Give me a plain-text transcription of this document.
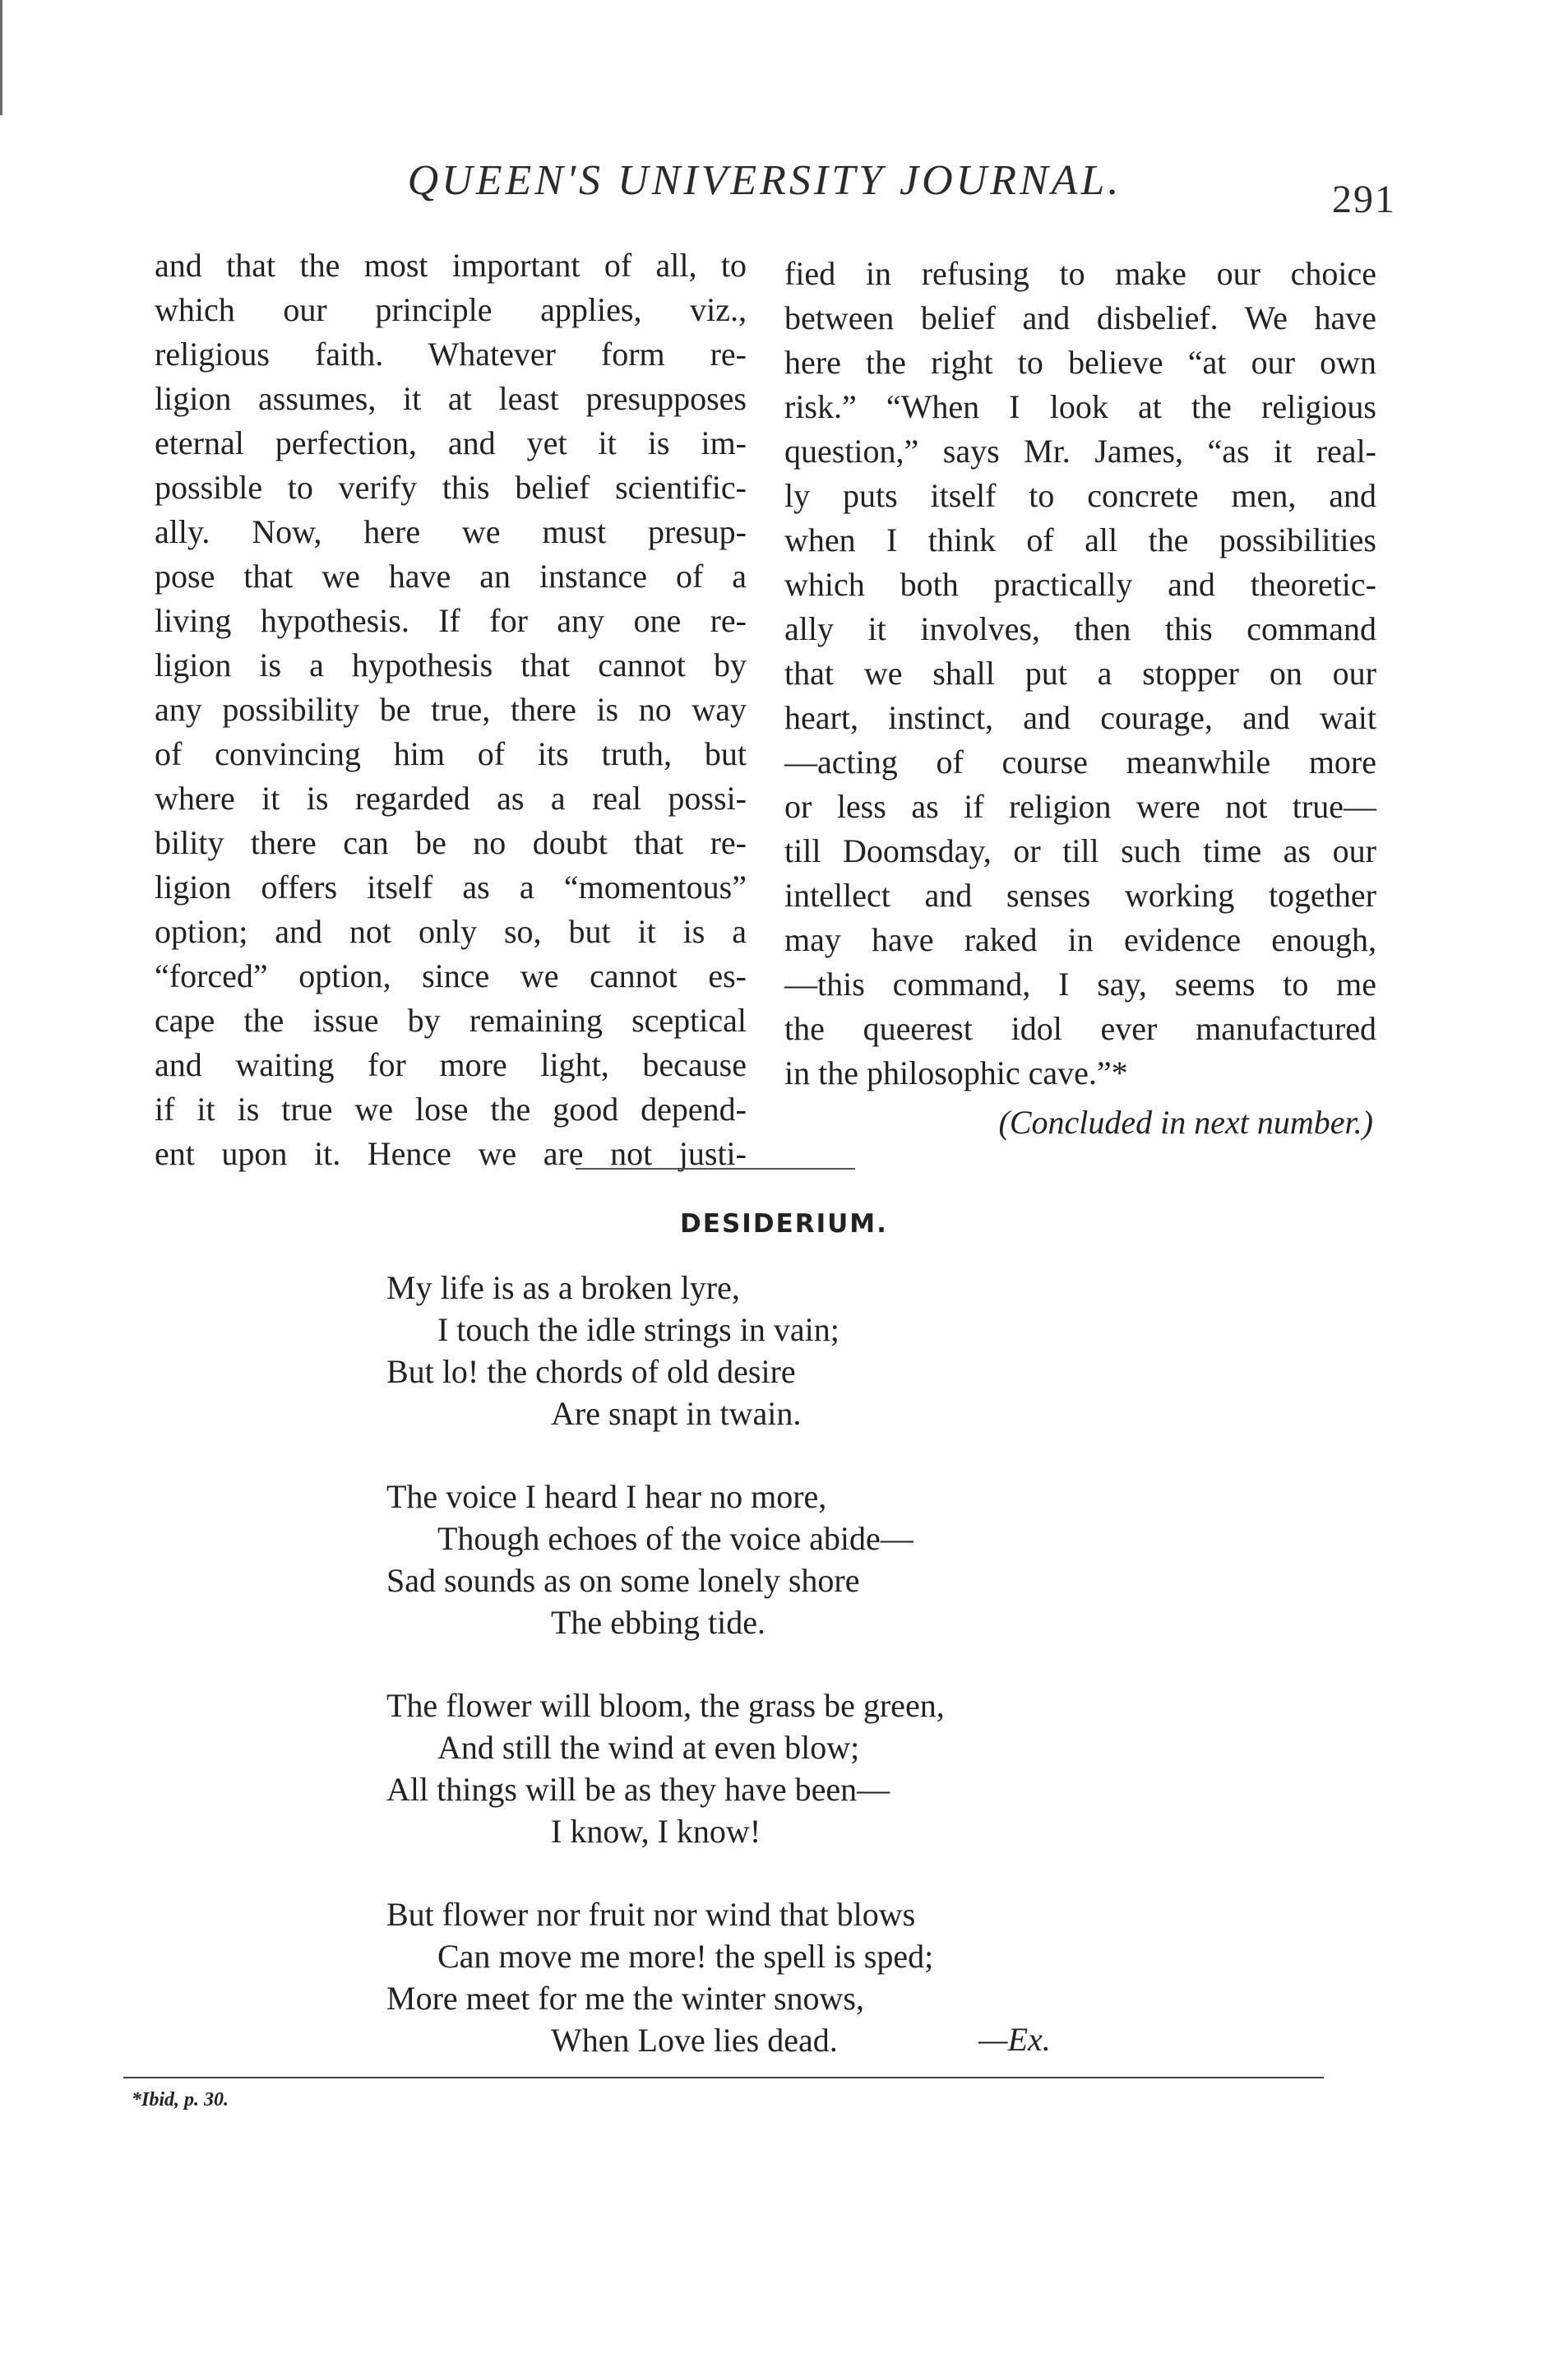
QUEEN'S UNIVERSITY JOURNAL.	291
and that the most important of all, to
which our principle applies, viz.,
religious faith. Whatever form re-
ligion assumes, it at least presupposes
eternal perfection, and yet it is im-
possible to verify this belief scientific-
ally. Now, here we must presup-
pose that we have an instance of a
living hypothesis. If for any one re-
ligion is a hypothesis that cannot by
any possibility be true, there is no way
of convincing him of its truth, but
where it is regarded as a real possi-
bility there can be no doubt that re-
ligion offers itself as a “momentous”
option; and not only so, but it is a
“forced” option, since we cannot es-
cape the issue by remaining sceptical
and waiting for more light, because
if it is true we lose the good depend-
ent upon it. Hence we are not justi-
fied in refusing to make our choice
between belief and disbelief. We have
here the right to believe “at our own
risk.” “When I look at the religious
question,” says Mr. James, “as it real-
ly puts itself to concrete men, and
when I think of all the possibilities
which both practically and theoretic-
ally it involves, then this command
that we shall put a stopper on our
heart, instinct, and courage, and wait
—acting of course meanwhile more
or less as if religion were not true—
till Doomsday, or till such time as our
intellect and senses working together
may have raked in evidence enough,
—this command, I say, seems to me
the queerest idol ever manufactured
in the philosophic cave.”*
(Concluded in next number.)
DESIDERIUM.
My life is as a broken lyre,
I touch the idle strings in vain;
But lo! the chords of old desire
Are snapt in twain.
The voice I heard I hear no more,
Though echoes of the voice abide—
Sad sounds as on some lonely shore
The ebbing tide.
The flower will bloom, the grass be green,
And still the wind at even blow;
All things will be as they have been—
I know, I know!
But flower nor fruit nor wind that blows
Can move me more! the spell is sped;
More meet for me the winter snows,
When Love lies dead.	—Ex.
*Ibid, p. 30.
